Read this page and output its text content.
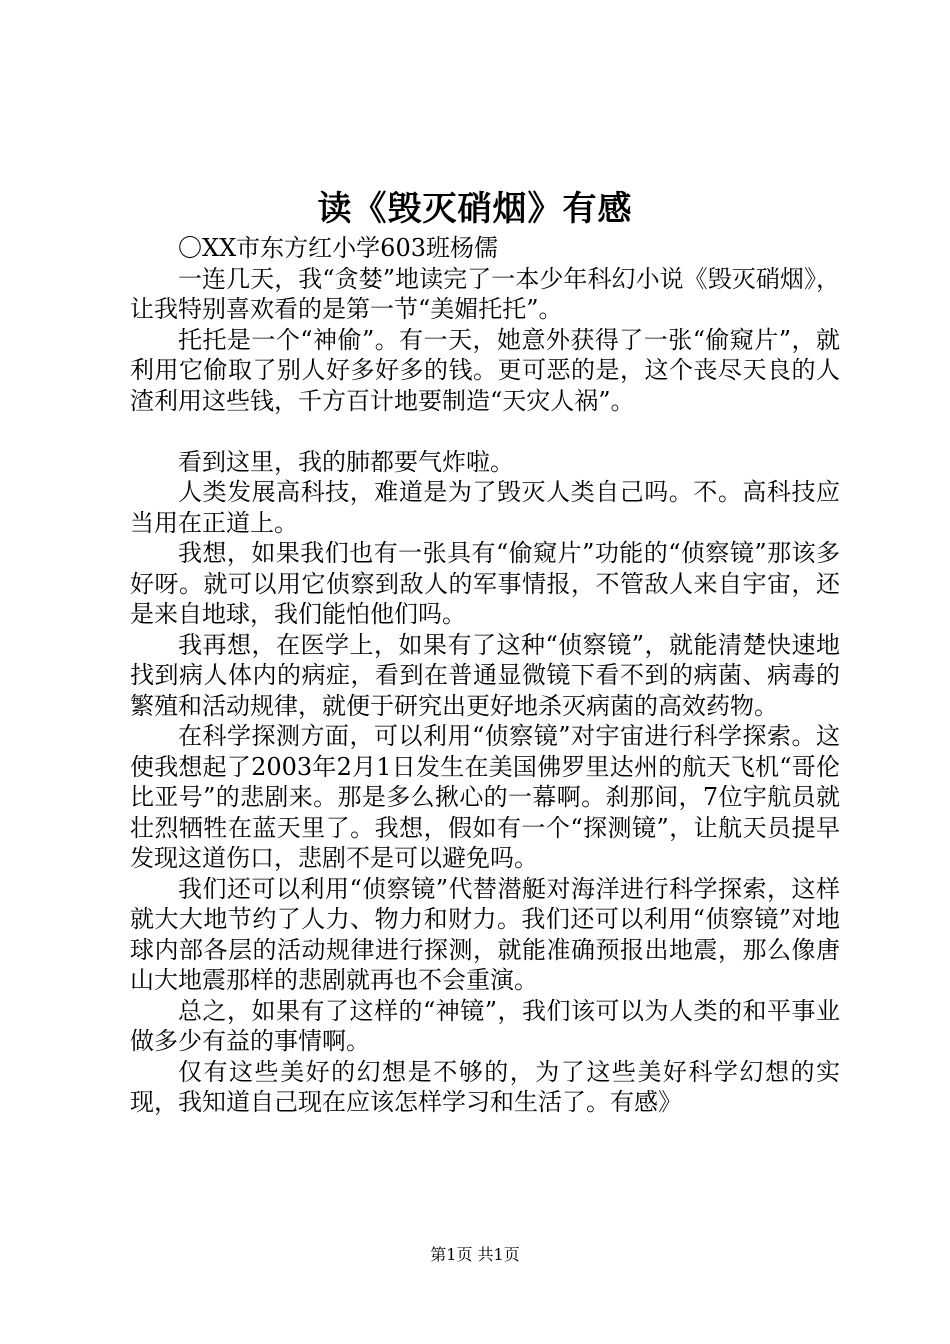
读《毁灭硝烟》有感

〇XX市东方红小学603班杨儒

一连几天，我“贪婪”地读完了一本少年科幻小说《毁灭硝烟》，让我特别喜欢看的是第一节“美媚托托”。

托托是一个“神偷”。有一天，她意外获得了一张“偷窥片”，就利用它偷取了别人好多好多的钱。更可恶的是，这个丧尽天良的人渣利用这些钱，千方百计地要制造“天灾人祸”。

看到这里，我的肺都要气炸啦。

人类发展高科技，难道是为了毁灭人类自己吗。不。高科技应当用在正道上。

我想，如果我们也有一张具有“偷窥片”功能的“侦察镜”那该多好呀。就可以用它侦察到敌人的军事情报，不管敌人来自宇宙，还是来自地球，我们能怕他们吗。

我再想，在医学上，如果有了这种“侦察镜”，就能清楚快速地找到病人体内的病症，看到在普通显微镜下看不到的病菌、病毒的繁殖和活动规律，就便于研究出更好地杀灭病菌的高效药物。

在科学探测方面，可以利用“侦察镜”对宇宙进行科学探索。这使我想起了2003年2月1日发生在美国佛罗里达州的航天飞机“哥伦比亚号”的悲剧来。那是多么揪心的一幕啊。刹那间，7位宇航员就壮烈牺牲在蓝天里了。我想，假如有一个“探测镜”，让航天员提早发现这道伤口，悲剧不是可以避免吗。

我们还可以利用“侦察镜”代替潜艇对海洋进行科学探索，这样就大大地节约了人力、物力和财力。我们还可以利用“侦察镜”对地球内部各层的活动规律进行探测，就能准确预报出地震，那么像唐山大地震那样的悲剧就再也不会重演。

总之，如果有了这样的“神镜”，我们该可以为人类的和平事业做多少有益的事情啊。

仅有这些美好的幻想是不够的，为了这些美好科学幻想的实现，我知道自己现在应该怎样学习和生活了。有感》

第1页 共1页
